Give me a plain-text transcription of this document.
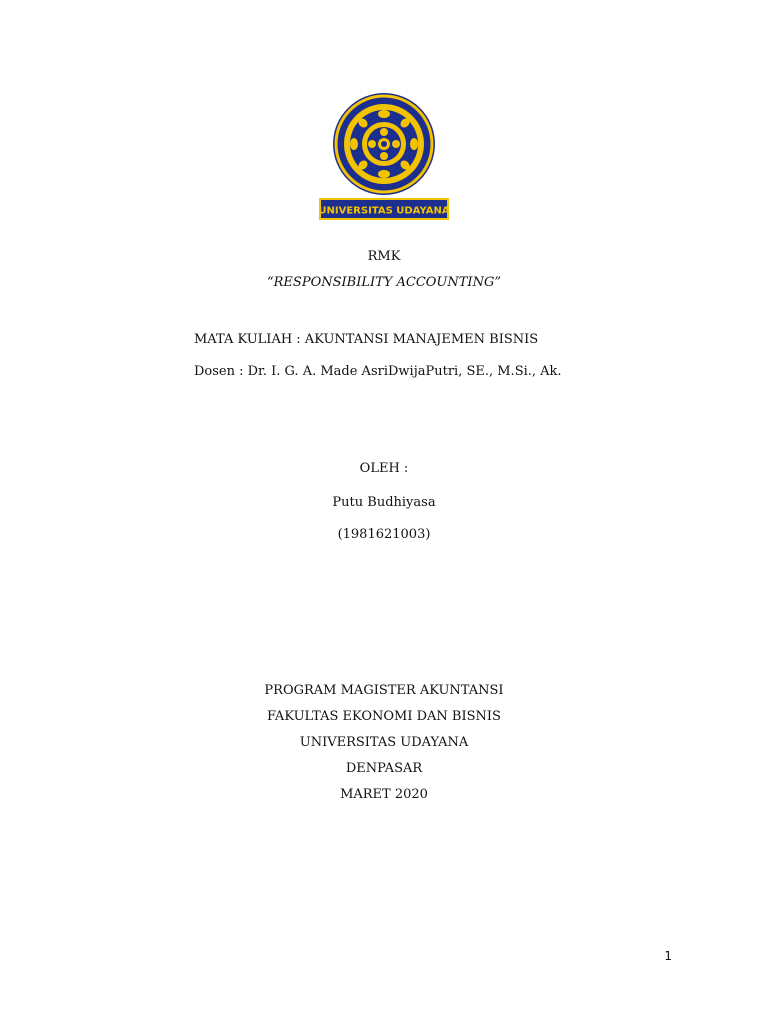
UNIVERSITAS UDAYANA
RMK
“RESPONSIBILITY ACCOUNTING”
MATA KULIAH : AKUNTANSI MANAJEMEN BISNIS
Dosen : Dr. I. G. A. Made AsriDwijaPutri, SE., M.Si., Ak.
OLEH :
Putu Budhiyasa
(1981621003)
PROGRAM MAGISTER AKUNTANSI
FAKULTAS EKONOMI DAN BISNIS
UNIVERSITAS UDAYANA
DENPASAR
MARET 2020
1
